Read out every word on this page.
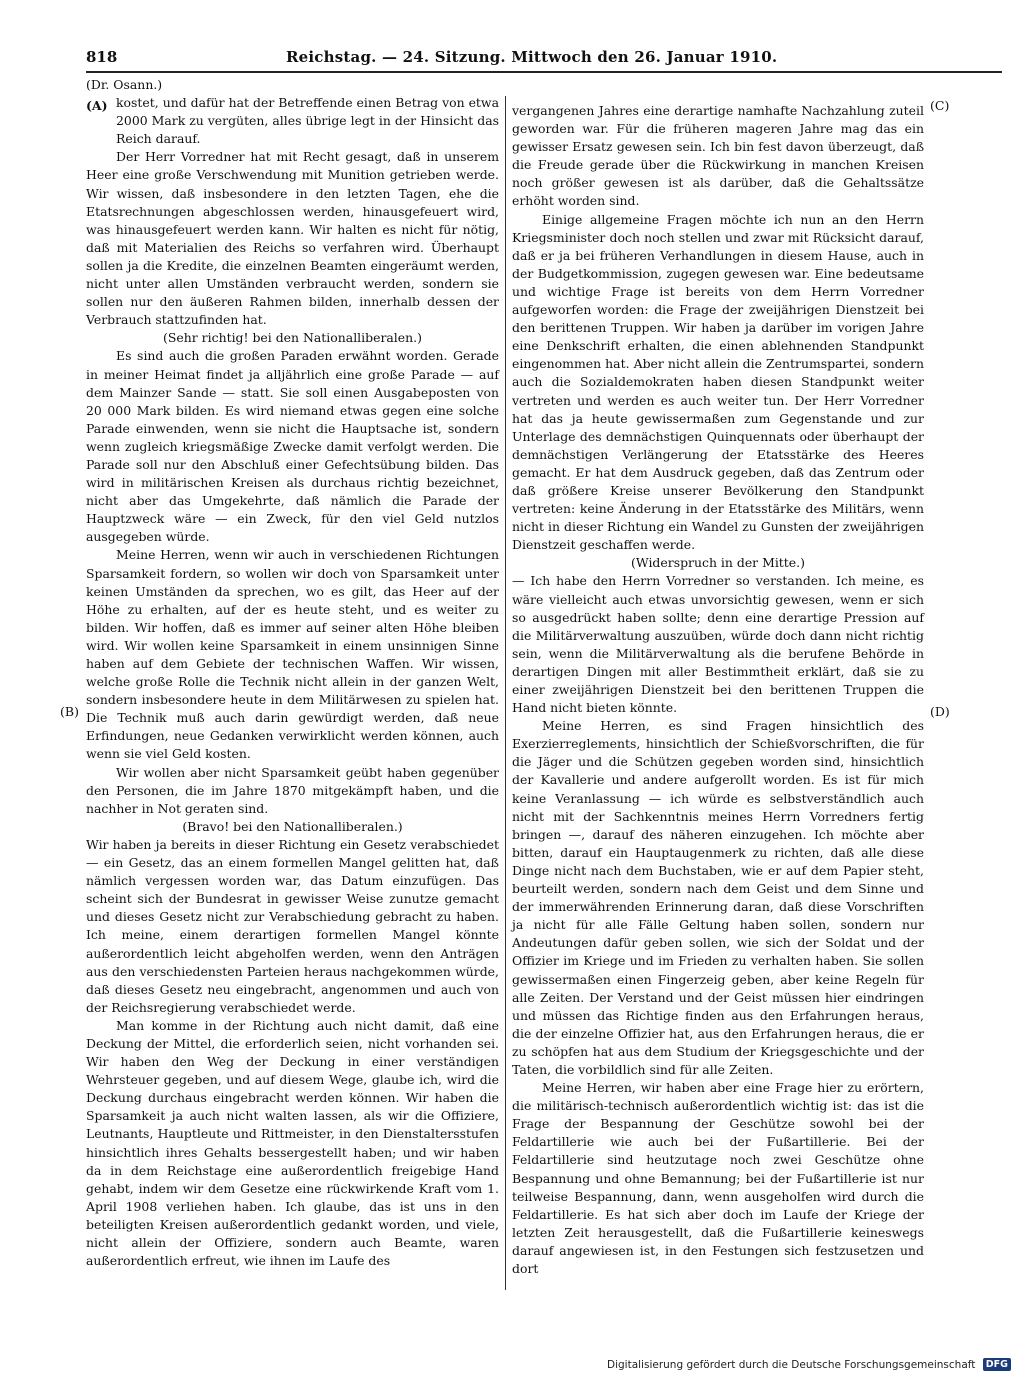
818	Reichstag. — 24. Sitzung. Mittwoch den 26. Januar 1910.
(A)
(B)
(C)
(D)
(Dr. Osann.)

kostet, und dafür hat der Betreffende einen Betrag von etwa 2000 Mark zu vergüten, alles übrige legt in der Hinsicht das Reich darauf.

Der Herr Vorredner hat mit Recht gesagt, daß in unserem Heer eine große Verschwendung mit Munition getrieben werde. Wir wissen, daß insbesondere in den letzten Tagen, ehe die Etatsrechnungen abgeschlossen werden, hinausgefeuert wird, was hinausgefeuert werden kann. Wir halten es nicht für nötig, daß mit Materialien des Reichs so verfahren wird. Überhaupt sollen ja die Kredite, die einzelnen Beamten eingeräumt werden, nicht unter allen Umständen verbraucht werden, sondern sie sollen nur den äußeren Rahmen bilden, innerhalb dessen der Verbrauch stattzufinden hat.

(Sehr richtig! bei den Nationalliberalen.)

Es sind auch die großen Paraden erwähnt worden. Gerade in meiner Heimat findet ja alljährlich eine große Parade — auf dem Mainzer Sande — statt. Sie soll einen Ausgabeposten von 20 000 Mark bilden. Es wird niemand etwas gegen eine solche Parade einwenden, wenn sie nicht die Hauptsache ist, sondern wenn zugleich kriegsmäßige Zwecke damit verfolgt werden. Die Parade soll nur den Abschluß einer Gefechtsübung bilden. Das wird in militärischen Kreisen als durchaus richtig bezeichnet, nicht aber das Umgekehrte, daß nämlich die Parade der Hauptzweck wäre — ein Zweck, für den viel Geld nutzlos ausgegeben würde.

Meine Herren, wenn wir auch in verschiedenen Richtungen Sparsamkeit fordern, so wollen wir doch von Sparsamkeit unter keinen Umständen da sprechen, wo es gilt, das Heer auf der Höhe zu erhalten, auf der es heute steht, und es weiter zu bilden. Wir hoffen, daß es immer auf seiner alten Höhe bleiben wird. Wir wollen keine Sparsamkeit in einem unsinnigen Sinne haben auf dem Gebiete der technischen Waffen. Wir wissen, welche große Rolle die Technik nicht allein in der ganzen Welt, sondern insbesondere heute in dem Militärwesen zu spielen hat. Die Technik muß auch darin gewürdigt werden, daß neue Erfindungen, neue Gedanken verwirklicht werden können, auch wenn sie viel Geld kosten.

Wir wollen aber nicht Sparsamkeit geübt haben gegenüber den Personen, die im Jahre 1870 mitgekämpft haben, und die nachher in Not geraten sind.

(Bravo! bei den Nationalliberalen.)

Wir haben ja bereits in dieser Richtung ein Gesetz verabschiedet — ein Gesetz, das an einem formellen Mangel gelitten hat, daß nämlich vergessen worden war, das Datum einzufügen. Das scheint sich der Bundesrat in gewisser Weise zunutze gemacht und dieses Gesetz nicht zur Verabschiedung gebracht zu haben. Ich meine, einem derartigen formellen Mangel könnte außerordentlich leicht abgeholfen werden, wenn den Anträgen aus den verschiedensten Parteien heraus nachgekommen würde, daß dieses Gesetz neu eingebracht, angenommen und auch von der Reichsregierung verabschiedet werde.

Man komme in der Richtung auch nicht damit, daß eine Deckung der Mittel, die erforderlich seien, nicht vorhanden sei. Wir haben den Weg der Deckung in einer verständigen Wehrsteuer gegeben, und auf diesem Wege, glaube ich, wird die Deckung durchaus eingebracht werden können. Wir haben die Sparsamkeit ja auch nicht walten lassen, als wir die Offiziere, Leutnants, Hauptleute und Rittmeister, in den Dienstaltersstufen hinsichtlich ihres Gehalts bessergestellt haben; und wir haben da in dem Reichstage eine außerordentlich freigebige Hand gehabt, indem wir dem Gesetze eine rückwirkende Kraft vom 1. April 1908 verliehen haben. Ich glaube, das ist uns in den beteiligten Kreisen außerordentlich gedankt worden, und viele, nicht allein der Offiziere, sondern auch Beamte, waren außerordentlich erfreut, wie ihnen im Laufe des

vergangenen Jahres eine derartige namhafte Nachzahlung zuteil geworden war. Für die früheren mageren Jahre mag das ein gewisser Ersatz gewesen sein. Ich bin fest davon überzeugt, daß die Freude gerade über die Rückwirkung in manchen Kreisen noch größer gewesen ist als darüber, daß die Gehaltssätze erhöht worden sind.

Einige allgemeine Fragen möchte ich nun an den Herrn Kriegsminister doch noch stellen und zwar mit Rücksicht darauf, daß er ja bei früheren Verhandlungen in diesem Hause, auch in der Budgetkommission, zugegen gewesen war. Eine bedeutsame und wichtige Frage ist bereits von dem Herrn Vorredner aufgeworfen worden: die Frage der zweijährigen Dienstzeit bei den berittenen Truppen. Wir haben ja darüber im vorigen Jahre eine Denkschrift erhalten, die einen ablehnenden Standpunkt eingenommen hat. Aber nicht allein die Zentrumspartei, sondern auch die Sozialdemokraten haben diesen Standpunkt weiter vertreten und werden es auch weiter tun. Der Herr Vorredner hat das ja heute gewissermaßen zum Gegenstande und zur Unterlage des demnächstigen Quinquennats oder überhaupt der demnächstigen Verlängerung der Etatsstärke des Heeres gemacht. Er hat dem Ausdruck gegeben, daß das Zentrum oder daß größere Kreise unserer Bevölkerung den Standpunkt vertreten: keine Änderung in der Etatsstärke des Militärs, wenn nicht in dieser Richtung ein Wandel zu Gunsten der zweijährigen Dienstzeit geschaffen werde.

(Widerspruch in der Mitte.)

— Ich habe den Herrn Vorredner so verstanden. Ich meine, es wäre vielleicht auch etwas unvorsichtig gewesen, wenn er sich so ausgedrückt haben sollte; denn eine derartige Pression auf die Militärverwaltung auszuüben, würde doch dann nicht richtig sein, wenn die Militärverwaltung als die berufene Behörde in derartigen Dingen mit aller Bestimmtheit erklärt, daß sie zu einer zweijährigen Dienstzeit bei den berittenen Truppen die Hand nicht bieten könnte.

Meine Herren, es sind Fragen hinsichtlich des Exerzierreglements, hinsichtlich der Schießvorschriften, die für die Jäger und die Schützen gegeben worden sind, hinsichtlich der Kavallerie und andere aufgerollt worden. Es ist für mich keine Veranlassung — ich würde es selbstverständlich auch nicht mit der Sachkenntnis meines Herrn Vorredners fertig bringen —, darauf des näheren einzugehen. Ich möchte aber bitten, darauf ein Hauptaugenmerk zu richten, daß alle diese Dinge nicht nach dem Buchstaben, wie er auf dem Papier steht, beurteilt werden, sondern nach dem Geist und dem Sinne und der immerwährenden Erinnerung daran, daß diese Vorschriften ja nicht für alle Fälle Geltung haben sollen, sondern nur Andeutungen dafür geben sollen, wie sich der Soldat und der Offizier im Kriege und im Frieden zu verhalten haben. Sie sollen gewissermaßen einen Fingerzeig geben, aber keine Regeln für alle Zeiten. Der Verstand und der Geist müssen hier eindringen und müssen das Richtige finden aus den Erfahrungen heraus, die der einzelne Offizier hat, aus den Erfahrungen heraus, die er zu schöpfen hat aus dem Studium der Kriegsgeschichte und der Taten, die vorbildlich sind für alle Zeiten.

Meine Herren, wir haben aber eine Frage hier zu erörtern, die militärisch-technisch außerordentlich wichtig ist: das ist die Frage der Bespannung der Geschütze sowohl bei der Feldartillerie wie auch bei der Fußartillerie. Bei der Feldartillerie sind heutzutage noch zwei Geschütze ohne Bespannung und ohne Bemannung; bei der Fußartillerie ist nur teilweise Bespannung, dann, wenn ausgeholfen wird durch die Feldartillerie. Es hat sich aber doch im Laufe der Kriege der letzten Zeit herausgestellt, daß die Fußartillerie keineswegs darauf angewiesen ist, in den Festungen sich festzusetzen und dort

Digitalisierung gefördert durch die Deutsche Forschungsgemeinschaft DFG
